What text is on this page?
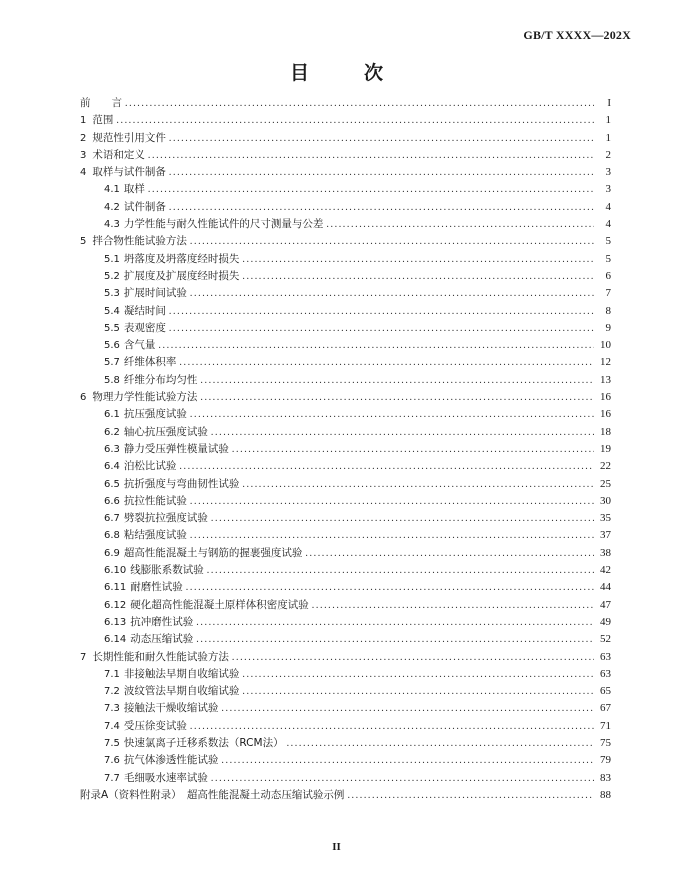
GB/T XXXX—202X
目　次
前　　言 .....	I
1 范围 .....	1
2 规范性引用文件 .....	1
3 术语和定义 .....	2
4 取样与试件制备 .....	3
4.1 取样 .....	3
4.2 试件制备 .....	4
4.3 力学性能与耐久性能试件的尺寸测量与公差 .....	4
5 拌合物性能试验方法 .....	5
5.1 坍落度及坍落度经时损失 .....	5
5.2 扩展度及扩展度经时损失 .....	6
5.3 扩展时间试验 .....	7
5.4 凝结时间 .....	8
5.5 表观密度 .....	9
5.6 含气量 .....	10
5.7 纤维体积率 .....	12
5.8 纤维分布均匀性 .....	13
6 物理力学性能试验方法 .....	16
6.1 抗压强度试验 .....	16
6.2 轴心抗压强度试验 .....	18
6.3 静力受压弹性模量试验 .....	19
6.4 泊松比试验 .....	22
6.5 抗折强度与弯曲韧性试验 .....	25
6.6 抗拉性能试验 .....	30
6.7 劈裂抗拉强度试验 .....	35
6.8 粘结强度试验 .....	37
6.9 超高性能混凝土与钢筋的握裹强度试验 .....	38
6.10 线膨胀系数试验 .....	42
6.11 耐磨性试验 .....	44
6.12 硬化超高性能混凝土原样体积密度试验 .....	47
6.13 抗冲磨性试验 .....	49
6.14 动态压缩试验 .....	52
7 长期性能和耐久性能试验方法 .....	63
7.1 非接触法早期自收缩试验 .....	63
7.2 波纹管法早期自收缩试验 .....	65
7.3 接触法干燥收缩试验 .....	67
7.4 受压徐变试验 .....	71
7.5 快速氯离子迁移系数法（RCM法） .....	75
7.6 抗气体渗透性能试验 .....	79
7.7 毛细吸水速率试验 .....	83
附录A（资料性附录）　超高性能混凝土动态压缩试验示例 .....	88
II
